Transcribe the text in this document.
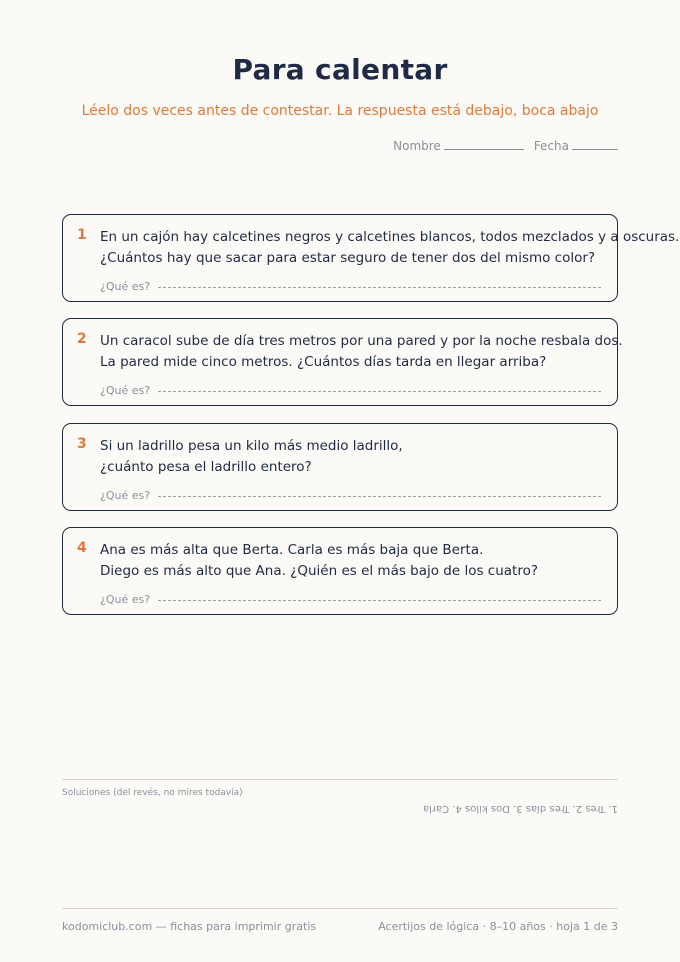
Para calentar
Léelo dos veces antes de contestar. La respuesta está debajo, boca abajo
Nombre	Fecha
1 En un cajón hay calcetines negros y calcetines blancos, todos mezclados y a oscuras.
¿Cuántos hay que sacar para estar seguro de tener dos del mismo color?
¿Qué es?
2 Un caracol sube de día tres metros por una pared y por la noche resbala dos.
La pared mide cinco metros. ¿Cuántos días tarda en llegar arriba?
¿Qué es?
3 Si un ladrillo pesa un kilo más medio ladrillo,
¿cuánto pesa el ladrillo entero?
¿Qué es?
4 Ana es más alta que Berta. Carla es más baja que Berta.
Diego es más alto que Ana. ¿Quién es el más bajo de los cuatro?
¿Qué es?
Soluciones (del revés, no mires todavía)
1. Tres 2. Tres días 3. Dos kilos 4. Carla
kodomiclub.com — fichas para imprimir gratis	Acertijos de lógica · 8–10 años · hoja 1 de 3
